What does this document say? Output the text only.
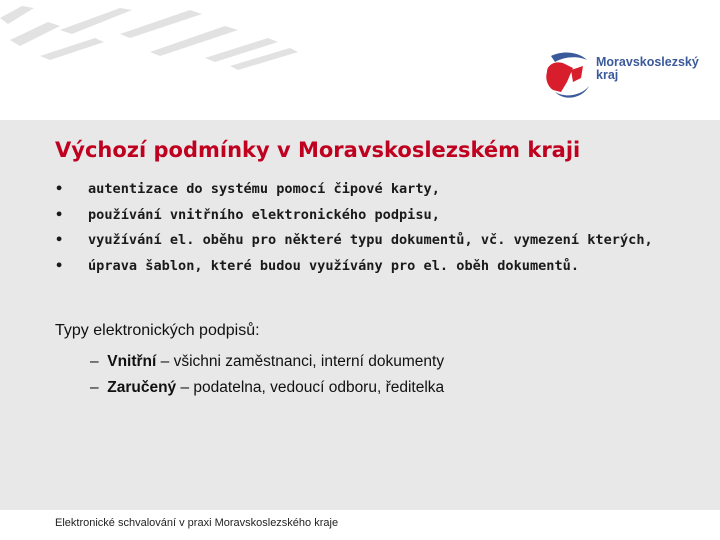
Moravskoslezský
kraj
Výchozí podmínky v Moravskoslezském kraji
• autentizace do systému pomocí čipové karty,
• používání vnitřního elektronického podpisu,
• využívání el. oběhu pro některé typu dokumentů, vč. vymezení kterých,
• úprava šablon, které budou využívány pro el. oběh dokumentů.
Typy elektronických podpisů:
– Vnitřní – všichni zaměstnanci, interní dokumenty
– Zaručený – podatelna, vedoucí odboru, ředitelka
Elektronické schvalování v praxi Moravskoslezského kraje
